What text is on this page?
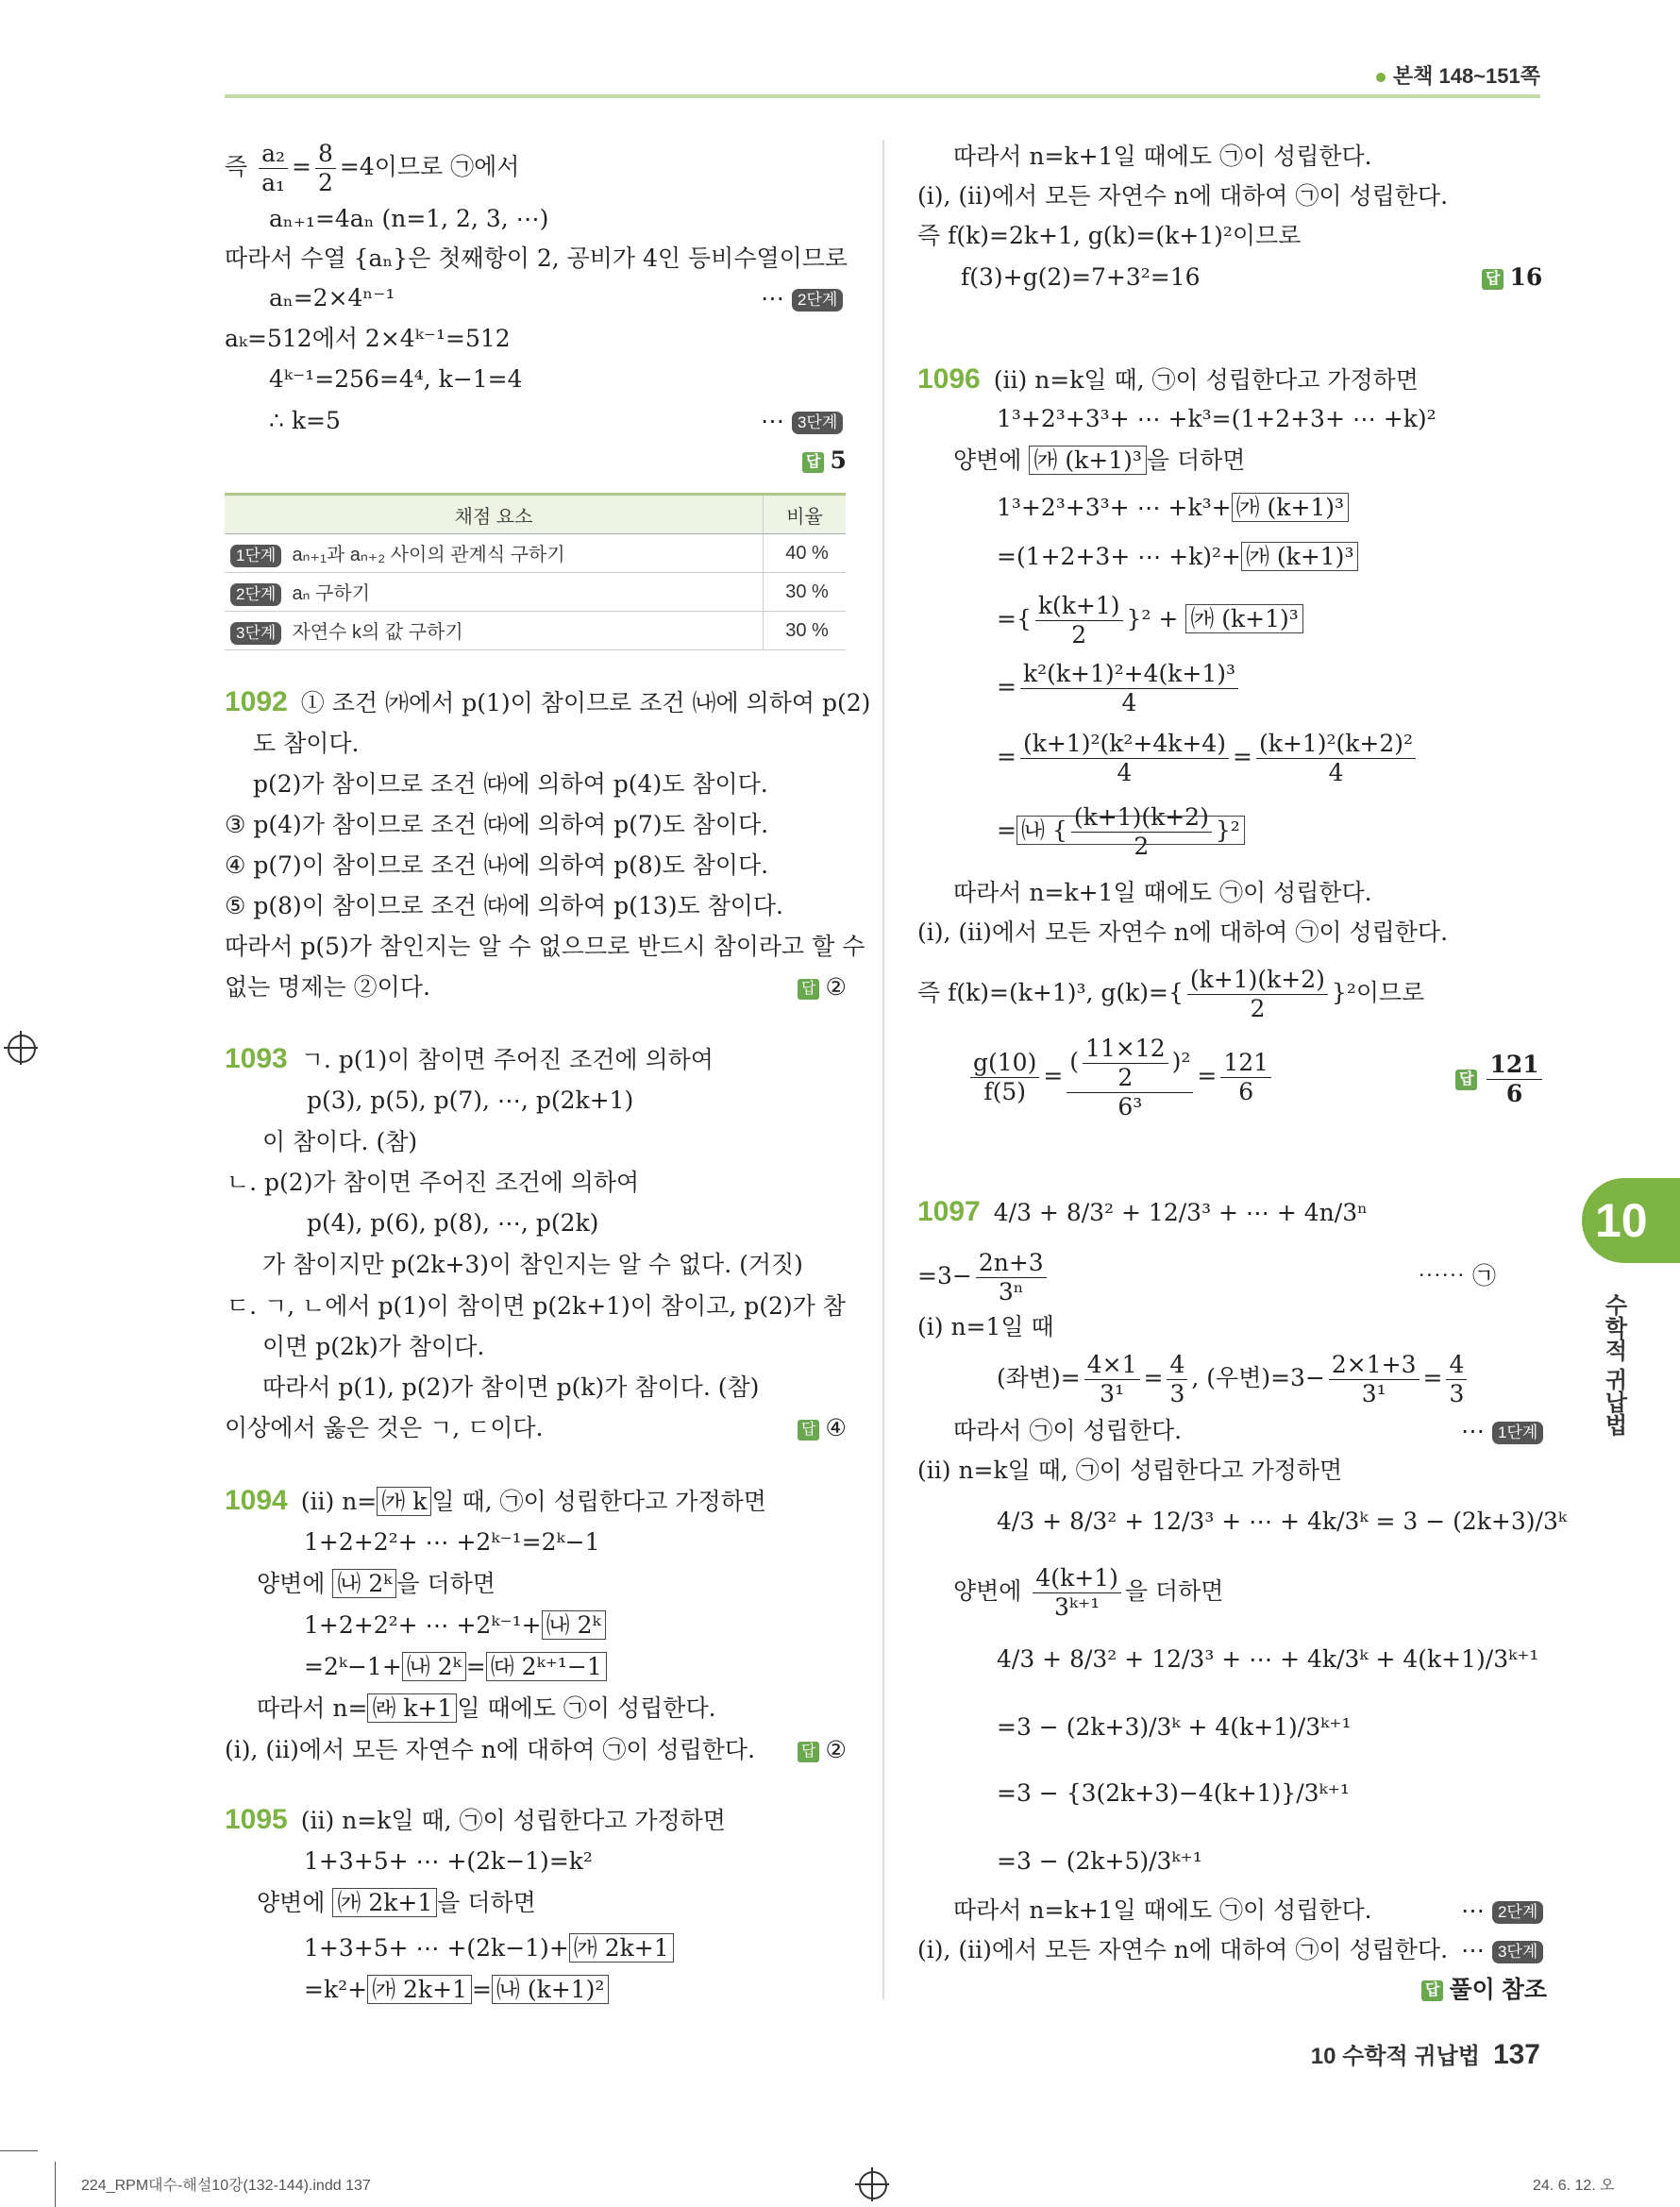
본책 148~151쪽
즉 $\frac{\text{a₂}}{\text{a₁}} = \frac{8}{2} =4$이므로 ㉠에서
aₙ₊₁=4aₙ (n=1, 2, 3, ⋯)
따라서 수열 {aₙ}은 첫째항이 2, 공비가 4인 등비수열이므로
aₙ=2×4ⁿ⁻¹	⋯ 2단계
aₖ=512에서 2×4ᵏ⁻¹=512
4ᵏ⁻¹=256=4⁴, k−1=4
∴ k=5	⋯ 3단계
답 5
채점 요소	비율
1단계 aₙ₊₁과 aₙ₊₂ 사이의 관계식 구하기	40 %
2단계 aₙ 구하기	30 %
3단계 자연수 k의 값 구하기	30 %
1092 ① 조건 ㈎에서 p(1)이 참이므로 조건 ㈏에 의하여 p(2)
도 참이다.
p(2)가 참이므로 조건 ㈐에 의하여 p(4)도 참이다.
③ p(4)가 참이므로 조건 ㈐에 의하여 p(7)도 참이다.
④ p(7)이 참이므로 조건 ㈏에 의하여 p(8)도 참이다.
⑤ p(8)이 참이므로 조건 ㈐에 의하여 p(13)도 참이다.
따라서 p(5)가 참인지는 알 수 없으므로 반드시 참이라고 할 수
없는 명제는 ②이다.	답 ②
1093 ㄱ. p(1)이 참이면 주어진 조건에 의하여
p(3), p(5), p(7), ⋯, p(2k+1)
이 참이다. (참)
ㄴ. p(2)가 참이면 주어진 조건에 의하여
p(4), p(6), p(8), ⋯, p(2k)
가 참이지만 p(2k+3)이 참인지는 알 수 없다. (거짓)
ㄷ. ㄱ, ㄴ에서 p(1)이 참이면 p(2k+1)이 참이고, p(2)가 참
이면 p(2k)가 참이다.
따라서 p(1), p(2)가 참이면 p(k)가 참이다. (참)
이상에서 옳은 것은 ㄱ, ㄷ이다.	답 ④
1094 (ⅱ) n= ㈎ k 일 때, ㉠이 성립한다고 가정하면
1+2+2²+ ⋯ +2ᵏ⁻¹=2ᵏ−1
양변에 ㈏ 2ᵏ 을 더하면
1+2+2²+ ⋯ +2ᵏ⁻¹+ ㈏ 2ᵏ
=2ᵏ−1+ ㈏ 2ᵏ = ㈐ 2ᵏ⁺¹−1
따라서 n= ㈑ k+1 일 때에도 ㉠이 성립한다.
(ⅰ), (ⅱ)에서 모든 자연수 n에 대하여 ㉠이 성립한다.	답 ②
1095 (ⅱ) n=k일 때, ㉠이 성립한다고 가정하면
1+3+5+ ⋯ +(2k−1)=k²
양변에 ㈎ 2k+1 을 더하면
1+3+5+ ⋯ +(2k−1)+ ㈎ 2k+1
=k²+ ㈎ 2k+1 = ㈏ (k+1)²
따라서 n=k+1일 때에도 ㉠이 성립한다.
(ⅰ), (ⅱ)에서 모든 자연수 n에 대하여 ㉠이 성립한다.
즉 f(k)=2k+1, g(k)=(k+1)²이므로
f(3)+g(2)=7+3²=16	답 16
1096 (ⅱ) n=k일 때, ㉠이 성립한다고 가정하면
1³+2³+3³+ ⋯ +k³=(1+2+3+ ⋯ +k)²
양변에 ㈎ (k+1)³ 을 더하면
1³+2³+3³+ ⋯ +k³+ ㈎ (k+1)³
=(1+2+3+ ⋯ +k)²+ ㈎ (k+1)³
={ $\frac{k(k+1)}{2} \}^2$ + ㈎ (k+1)³
= $\frac{\text{k²(k+1)²+4(k+1)³}}{4}$
= $\frac{\text{(k+1)²(k²+4k+4)}}{4} = \frac{\text{(k+1)²(k+2)²}}{4}$
= ㈏ { $\frac{(k+1)(k+2)}{2} \}^2$
따라서 n=k+1일 때에도 ㉠이 성립한다.
(ⅰ), (ⅱ)에서 모든 자연수 n에 대하여 ㉠이 성립한다.
즉 f(k)=(k+1)³, $g(k)=\{ \frac{(k+1)(k+2)}{2} \}^2$이므로
$\frac{g(10)}{f(5)} = \frac{( \frac{11\times 12}{2} )^2}{\text{6³}} = \frac{121}{6}$	답 $\frac{121}{6}$
1097 4/3 + 8/3² + 12/3³ + ⋯ + 4n/3ⁿ
$=3- \frac{2n+3}{\text{3ⁿ}}$	⋯⋯ ㉠
(ⅰ) n=1일 때
(좌변)= $\frac{4\times 1}{\text{3¹}} = \frac{4}{3}$ , (우변)$=3- \frac{2\times 1+3}{\text{3¹}} = \frac{4}{3}$
따라서 ㉠이 성립한다.	⋯ 1단계
(ⅱ) n=k일 때, ㉠이 성립한다고 가정하면
4/3 + 8/3² + 12/3³ + ⋯ + 4k/3ᵏ = 3 − (2k+3)/3ᵏ
양변에 $\frac{4(k+1)}{\text{3ᵏ⁺¹}}$ 을 더하면
4/3 + 8/3² + 12/3³ + ⋯ + 4k/3ᵏ + 4(k+1)/3ᵏ⁺¹
=3 − (2k+3)/3ᵏ + 4(k+1)/3ᵏ⁺¹
=3 − {3(2k+3)−4(k+1)}/3ᵏ⁺¹
=3 − (2k+5)/3ᵏ⁺¹
따라서 n=k+1일 때에도 ㉠이 성립한다.	⋯ 2단계
(ⅰ), (ⅱ)에서 모든 자연수 n에 대하여 ㉠이 성립한다. ⋯ 3단계
답 풀이 참조
10
수학적 귀납법
10 수학적 귀납법 137
224_RPM대수-해설10강(132-144).indd 137	24. 6. 12. 오
